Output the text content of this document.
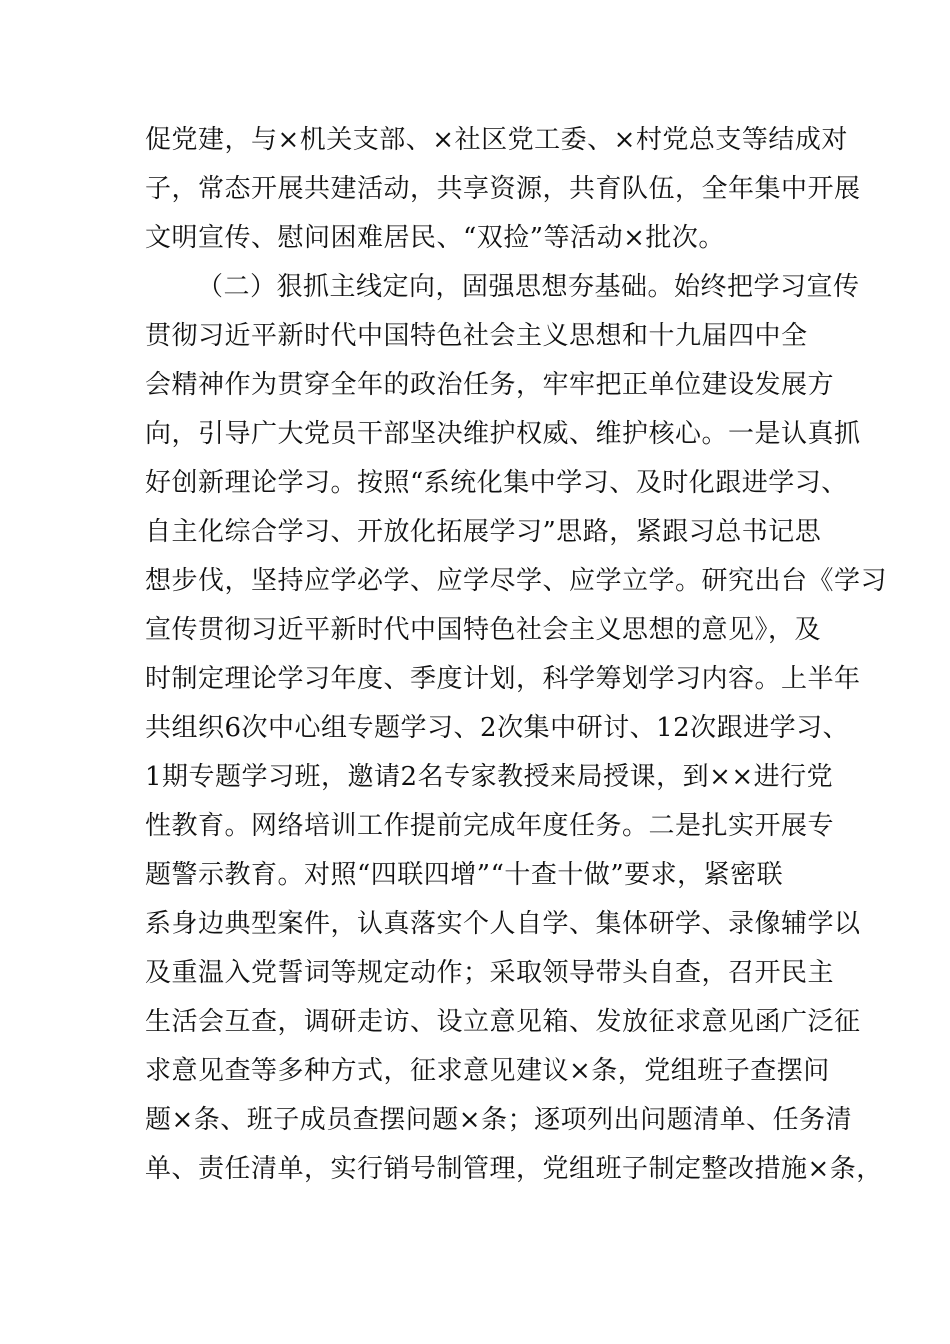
促党建，与×机关支部、×社区党工委、×村党总支等结成对
子，常态开展共建活动，共享资源，共育队伍，全年集中开展
文明宣传、慰问困难居民、“双捡”等活动×批次。
（二）狠抓主线定向，固强思想夯基础。始终把学习宣传
贯彻习近平新时代中国特色社会主义思想和十九届四中全
会精神作为贯穿全年的政治任务，牢牢把正单位建设发展方
向，引导广大党员干部坚决维护权威、维护核心。一是认真抓
好创新理论学习。按照“系统化集中学习、及时化跟进学习、
自主化综合学习、开放化拓展学习”思路，紧跟习总书记思
想步伐，坚持应学必学、应学尽学、应学立学。研究出台《学习
宣传贯彻习近平新时代中国特色社会主义思想的意见》，及
时制定理论学习年度、季度计划，科学筹划学习内容。上半年
共组织6次中心组专题学习、2次集中研讨、12次跟进学习、
1期专题学习班，邀请2名专家教授来局授课，到××进行党
性教育。网络培训工作提前完成年度任务。二是扎实开展专
题警示教育。对照“四联四增”“十查十做”要求，紧密联
系身边典型案件，认真落实个人自学、集体研学、录像辅学以
及重温入党誓词等规定动作；采取领导带头自查，召开民主
生活会互查，调研走访、设立意见箱、发放征求意见函广泛征
求意见查等多种方式，征求意见建议×条，党组班子查摆问
题×条、班子成员查摆问题×条；逐项列出问题清单、任务清
单、责任清单，实行销号制管理，党组班子制定整改措施×条，
